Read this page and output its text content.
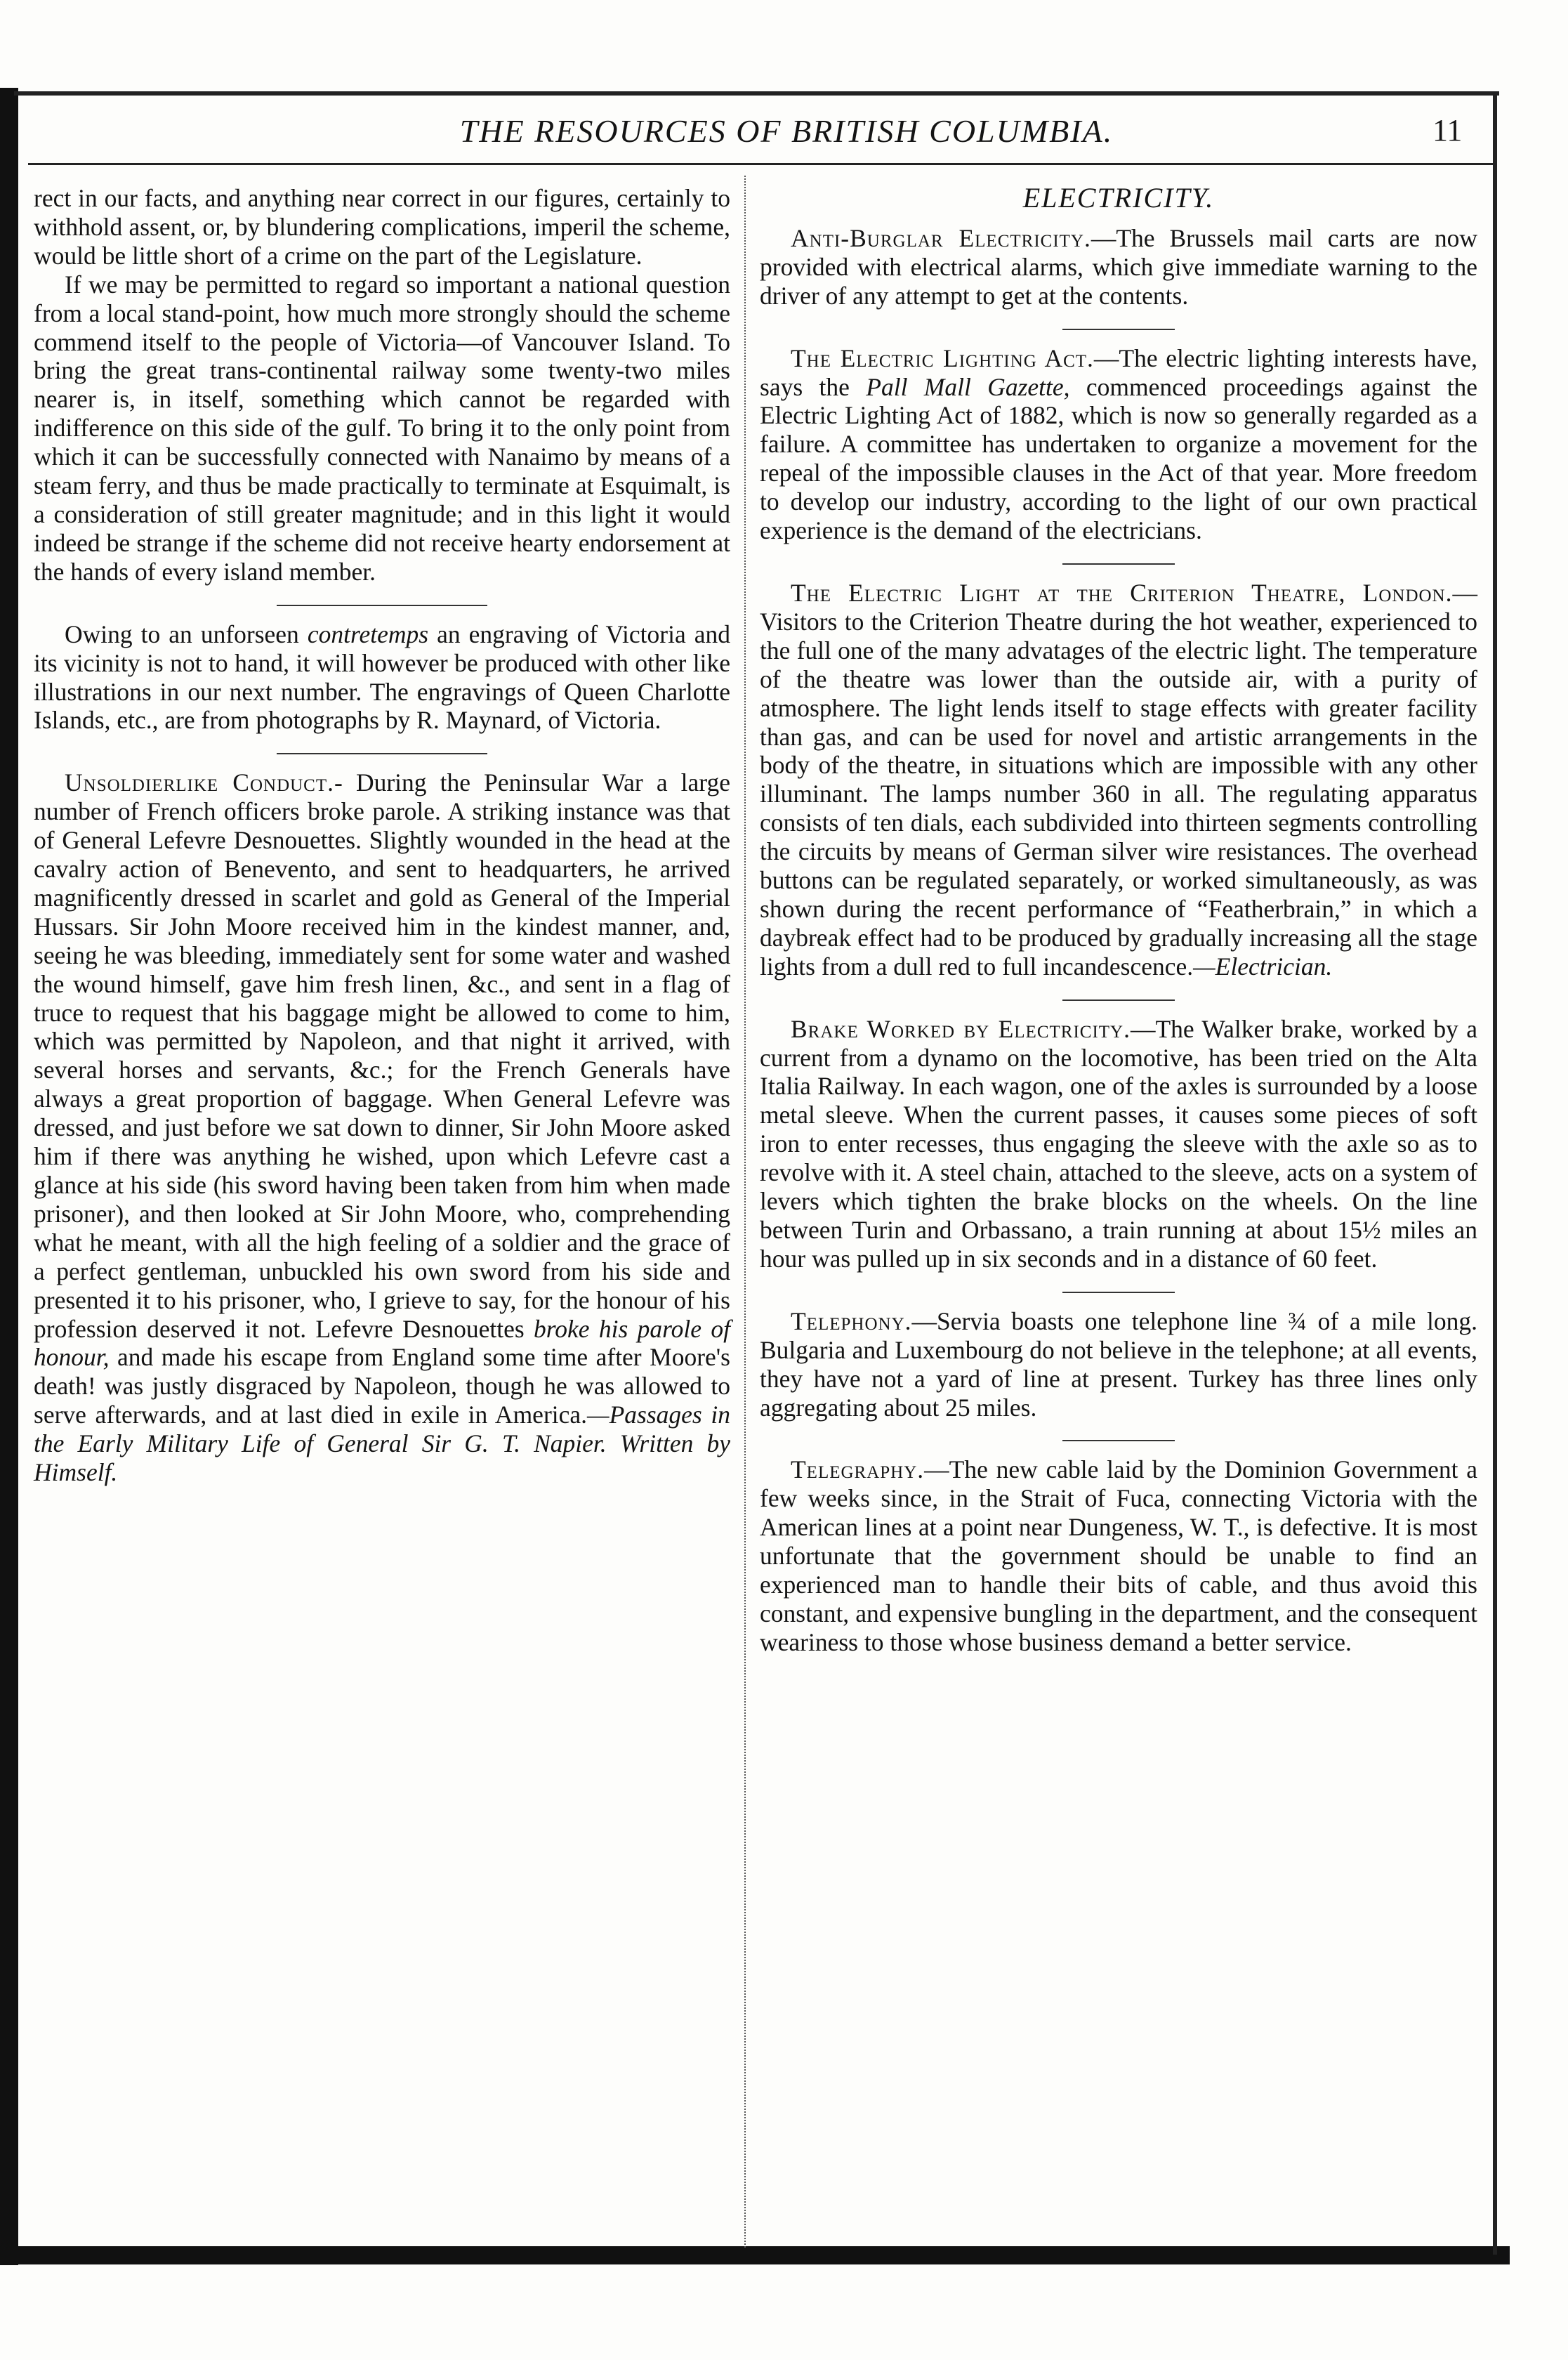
THE RESOURCES OF BRITISH COLUMBIA.	11

rect in our facts, and anything near correct in our figures, certainly to withhold assent, or, by blundering complications, imperil the scheme, would be little short of a crime on the part of the Legislature.

If we may be permitted to regard so important a national question from a local stand-point, how much more strongly should the scheme commend itself to the people of Victoria—of Vancouver Island. To bring the great trans-continental railway some twenty-two miles nearer is, in itself, something which cannot be regarded with indifference on this side of the gulf. To bring it to the only point from which it can be successfully connected with Nanaimo by means of a steam ferry, and thus be made practically to terminate at Esquimalt, is a consideration of still greater magnitude; and in this light it would indeed be strange if the scheme did not receive hearty endorsement at the hands of every island member.

Owing to an unforseen contretemps an engraving of Victoria and its vicinity is not to hand, it will however be produced with other like illustrations in our next number. The engravings of Queen Charlotte Islands, etc., are from photographs by R. Maynard, of Victoria.

Unsoldierlike Conduct.- During the Peninsular War a large number of French officers broke parole. A striking instance was that of General Lefevre Desnouettes. Slightly wounded in the head at the cavalry action of Benevento, and sent to headquarters, he arrived magnificently dressed in scarlet and gold as General of the Imperial Hussars. Sir John Moore received him in the kindest manner, and, seeing he was bleeding, immediately sent for some water and washed the wound himself, gave him fresh linen, &c., and sent in a flag of truce to request that his baggage might be allowed to come to him, which was permitted by Napoleon, and that night it arrived, with several horses and servants, &c.; for the French Generals have always a great proportion of baggage. When General Lefevre was dressed, and just before we sat down to dinner, Sir John Moore asked him if there was anything he wished, upon which Lefevre cast a glance at his side (his sword having been taken from him when made prisoner), and then looked at Sir John Moore, who, comprehending what he meant, with all the high feeling of a soldier and the grace of a perfect gentleman, unbuckled his own sword from his side and presented it to his prisoner, who, I grieve to say, for the honour of his profession deserved it not. Lefevre Desnouettes broke his parole of honour, and made his escape from England some time after Moore's death! was justly disgraced by Napoleon, though he was allowed to serve afterwards, and at last died in exile in America.—Passages in the Early Military Life of General Sir G. T. Napier. Written by Himself.

ELECTRICITY.

Anti-Burglar Electricity.—The Brussels mail carts are now provided with electrical alarms, which give immediate warning to the driver of any attempt to get at the contents.

The Electric Lighting Act.—The electric lighting interests have, says the Pall Mall Gazette, commenced proceedings against the Electric Lighting Act of 1882, which is now so generally regarded as a failure. A committee has undertaken to organize a movement for the repeal of the impossible clauses in the Act of that year. More freedom to develop our industry, according to the light of our own practical experience is the demand of the electricians.

The Electric Light at the Criterion Theatre, London.—Visitors to the Criterion Theatre during the hot weather, experienced to the full one of the many advatages of the electric light. The temperature of the theatre was lower than the outside air, with a purity of atmosphere. The light lends itself to stage effects with greater facility than gas, and can be used for novel and artistic arrangements in the body of the theatre, in situations which are impossible with any other illuminant. The lamps number 360 in all. The regulating apparatus consists of ten dials, each subdivided into thirteen segments controlling the circuits by means of German silver wire resistances. The overhead buttons can be regulated separately, or worked simultaneously, as was shown during the recent performance of “Featherbrain,” in which a daybreak effect had to be produced by gradually increasing all the stage lights from a dull red to full incandescence.—Electrician.

Brake Worked by Electricity.—The Walker brake, worked by a current from a dynamo on the locomotive, has been tried on the Alta Italia Railway. In each wagon, one of the axles is surrounded by a loose metal sleeve. When the current passes, it causes some pieces of soft iron to enter recesses, thus engaging the sleeve with the axle so as to revolve with it. A steel chain, attached to the sleeve, acts on a system of levers which tighten the brake blocks on the wheels. On the line between Turin and Orbassano, a train running at about 15½ miles an hour was pulled up in six seconds and in a distance of 60 feet.

Telephony.—Servia boasts one telephone line ¾ of a mile long. Bulgaria and Luxembourg do not believe in the telephone; at all events, they have not a yard of line at present. Turkey has three lines only aggregating about 25 miles.

Telegraphy.—The new cable laid by the Dominion Government a few weeks since, in the Strait of Fuca, connecting Victoria with the American lines at a point near Dungeness, W. T., is defective. It is most unfortunate that the government should be unable to find an experienced man to handle their bits of cable, and thus avoid this constant, and expensive bungling in the department, and the consequent weariness to those whose business demand a better service.
